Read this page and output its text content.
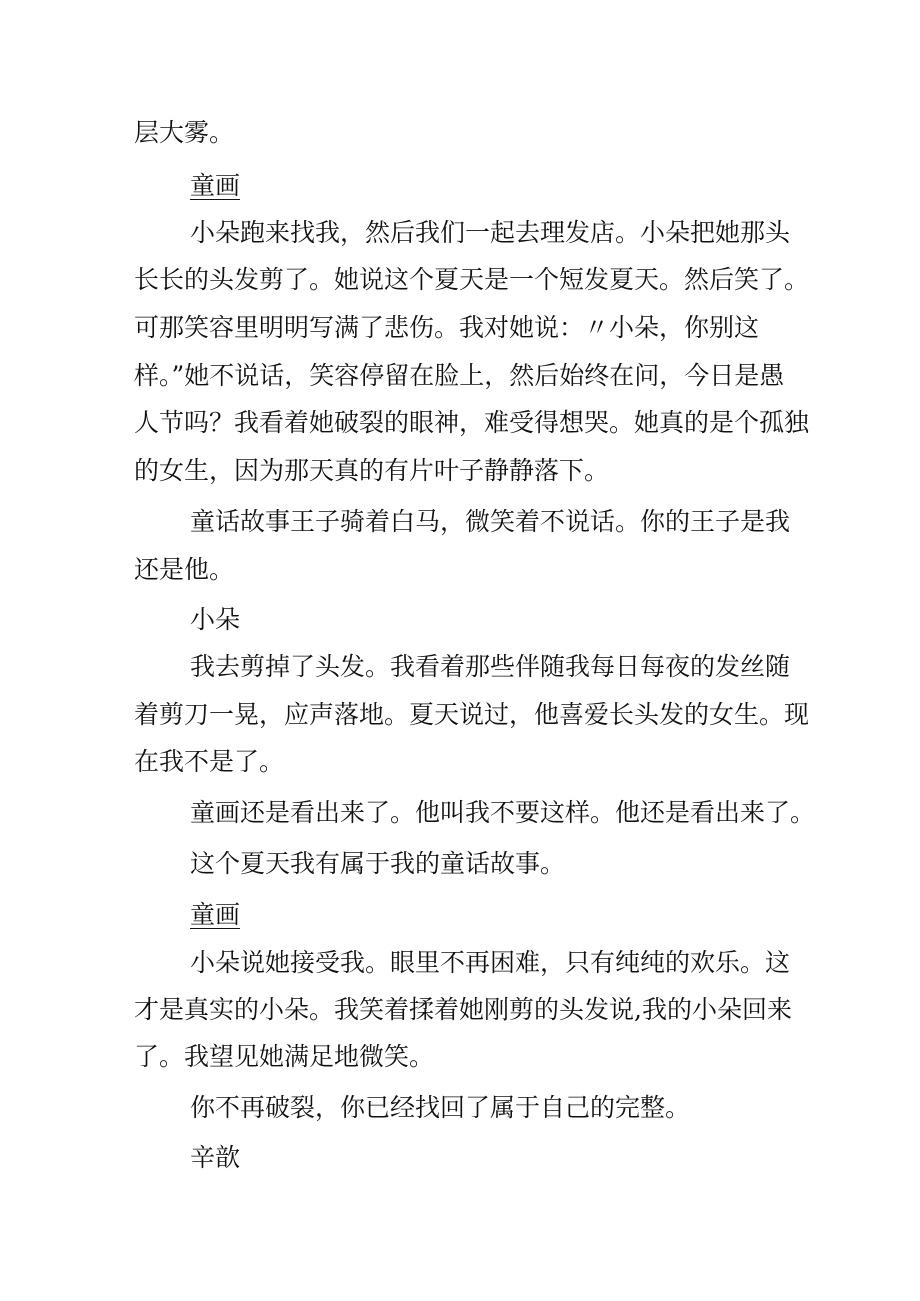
层大雾。
童画
小朵跑来找我，然后我们一起去理发店。小朵把她那头
长长的头发剪了。她说这个夏天是一个短发夏天。然后笑了。
可那笑容里明明写满了悲伤。我对她说：〃小朵，你别这
样。”她不说话，笑容停留在脸上，然后始终在问，今日是愚
人节吗？我看着她破裂的眼神，难受得想哭。她真的是个孤独
的女生，因为那天真的有片叶子静静落下。
童话故事王子骑着白马，微笑着不说话。你的王子是我
还是他。
小朵
我去剪掉了头发。我看着那些伴随我每日每夜的发丝随
着剪刀一晃，应声落地。夏天说过，他喜爱长头发的女生。现
在我不是了。
童画还是看出来了。他叫我不要这样。他还是看出来了。
这个夏天我有属于我的童话故事。
童画
小朵说她接受我。眼里不再困难，只有纯纯的欢乐。这
才是真实的小朵。我笑着揉着她刚剪的头发说,我的小朵回来
了。我望见她满足地微笑。
你不再破裂，你已经找回了属于自己的完整。
辛歆
